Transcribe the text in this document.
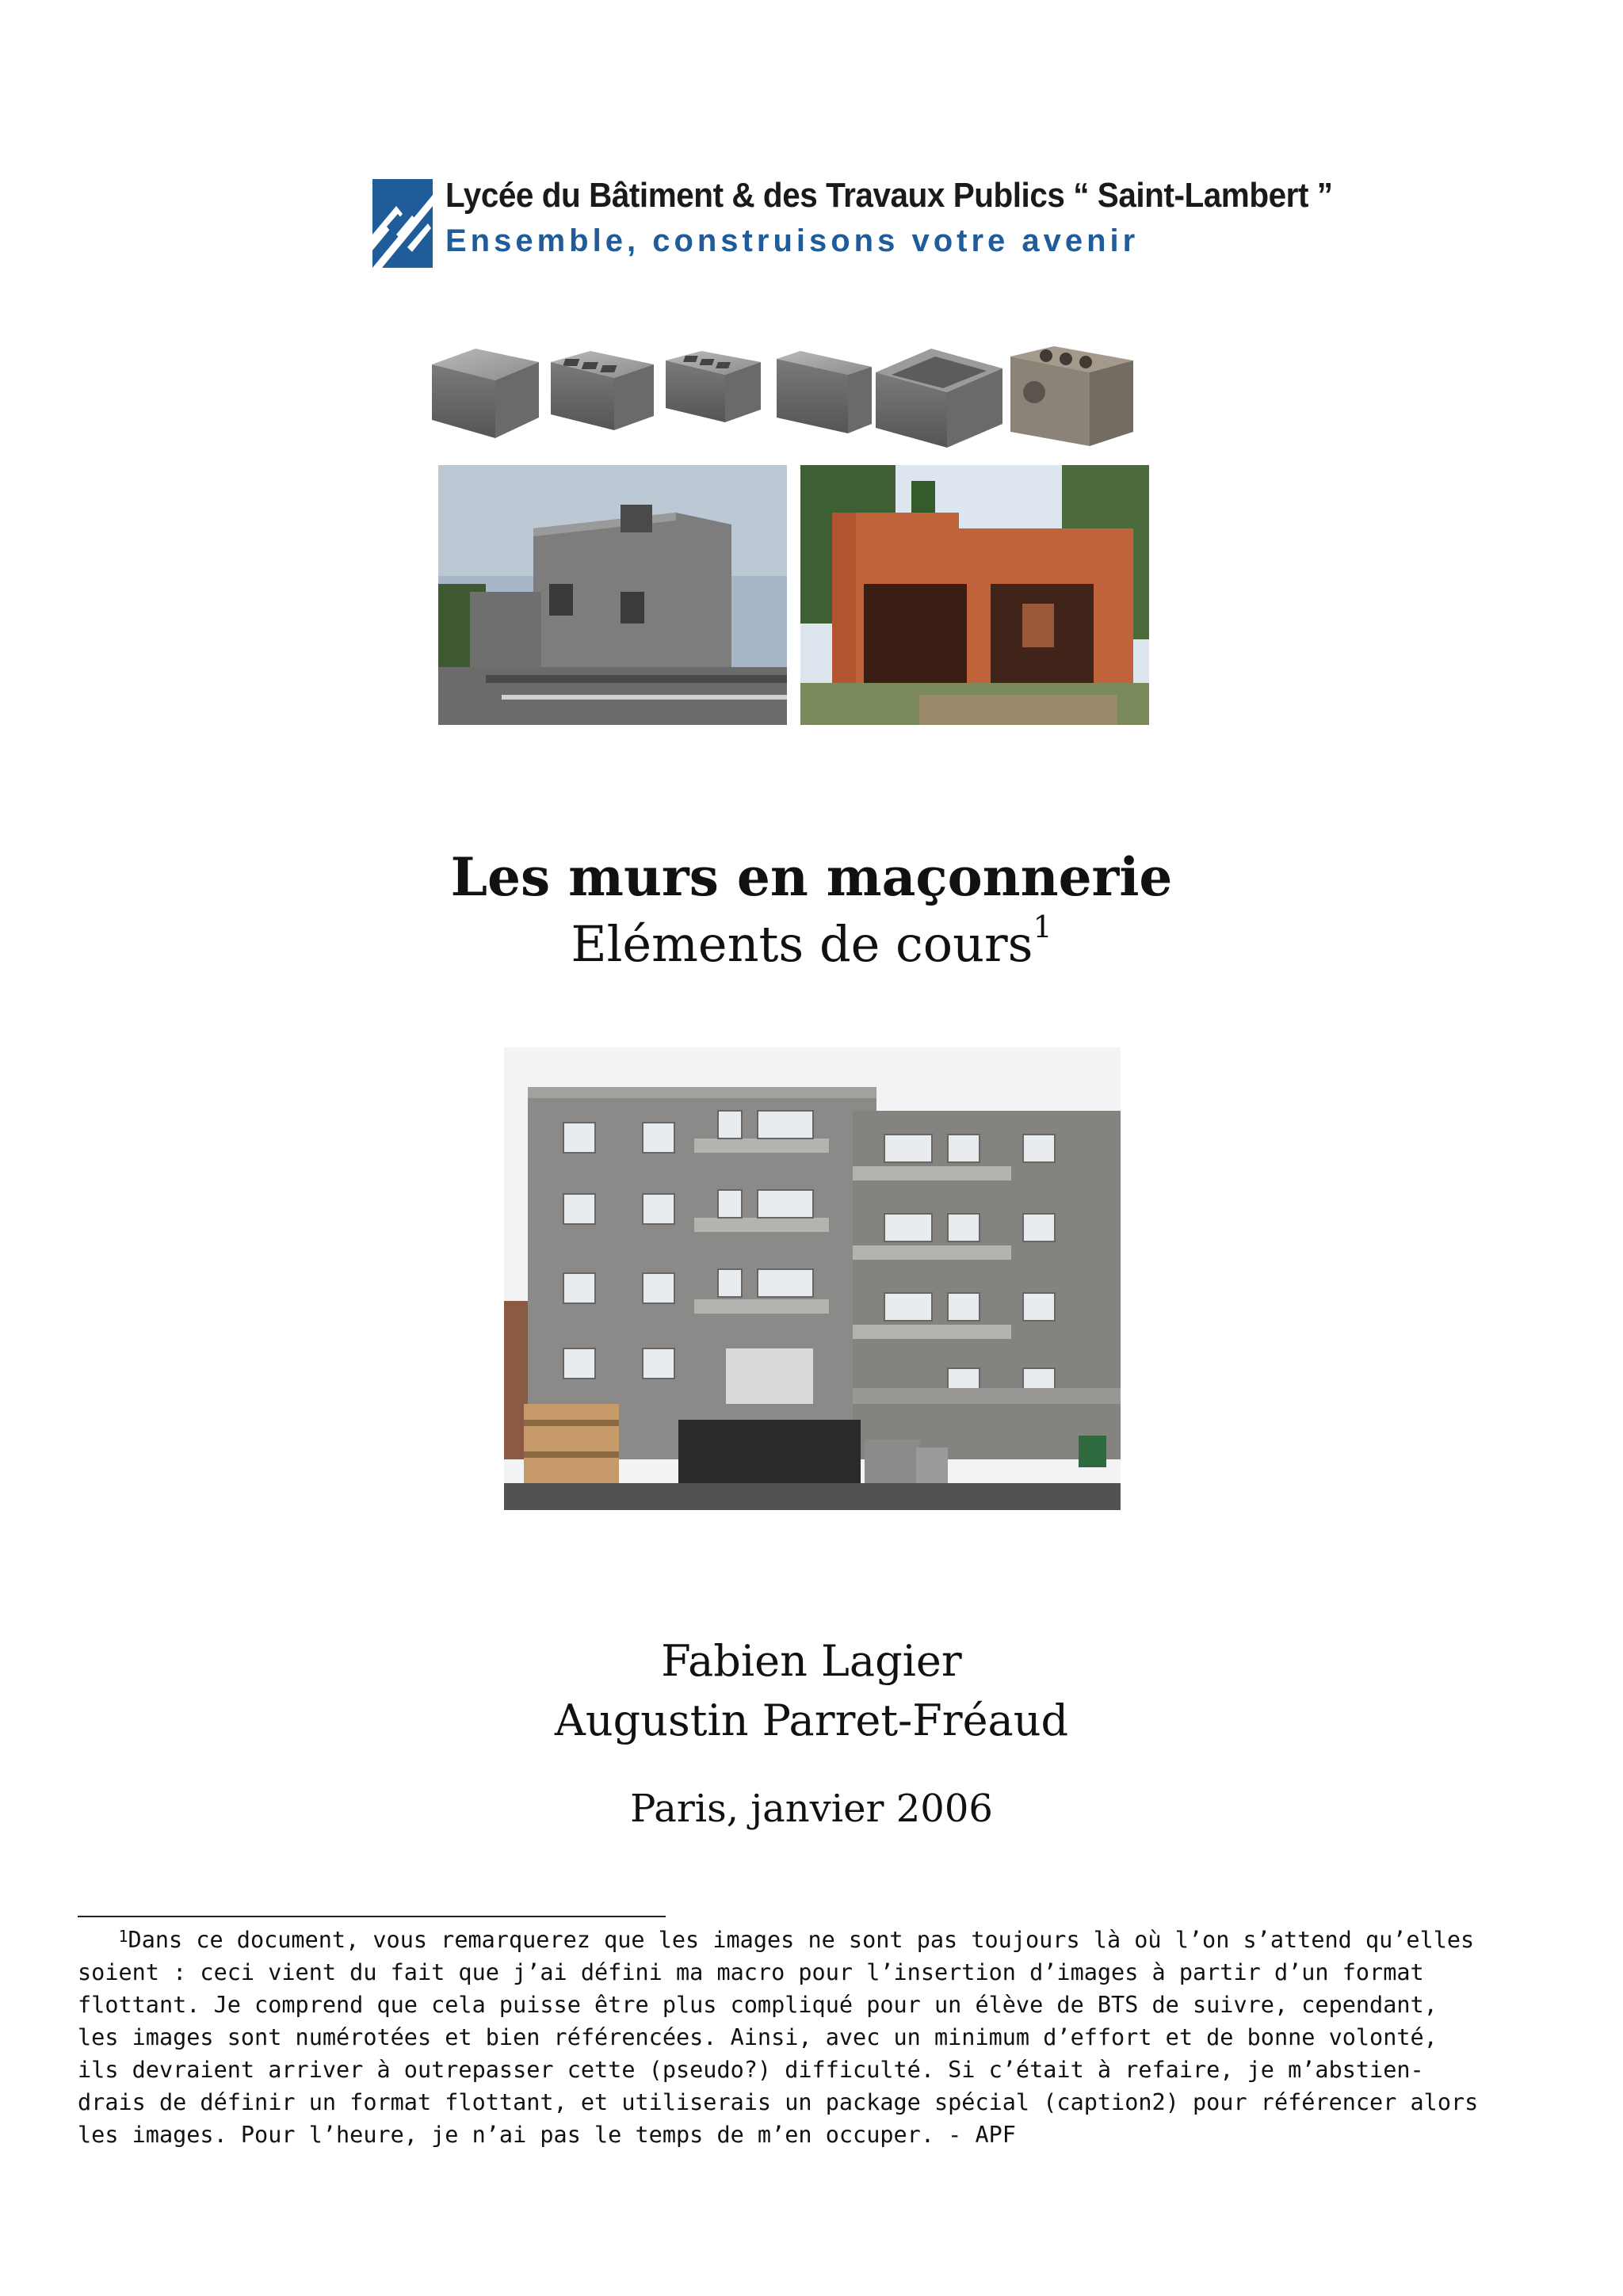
Lycée du Bâtiment & des Travaux Publics “ Saint-Lambert ”
Ensemble, construisons votre avenir
Les murs en maçonnerie
Eléments de cours$^1$
Fabien Lagier
Augustin Parret-Fréaud
Paris, janvier 2006
$^1$Dans ce document, vous remarquerez que les images ne sont pas toujours là où l’on s’attend qu’elles
soient : ceci vient du fait que j’ai défini ma macro pour l’insertion d’images à partir d’un format
flottant. Je comprend que cela puisse être plus compliqué pour un élève de BTS de suivre, cependant,
les images sont numérotées et bien référencées. Ainsi, avec un minimum d’effort et de bonne volonté,
ils devraient arriver à outrepasser cette (pseudo?) difficulté. Si c’était à refaire, je m’abstien-
drais de définir un format flottant, et utiliserais un package spécial (caption2) pour référencer alors
les images. Pour l’heure, je n’ai pas le temps de m’en occuper. - APF
